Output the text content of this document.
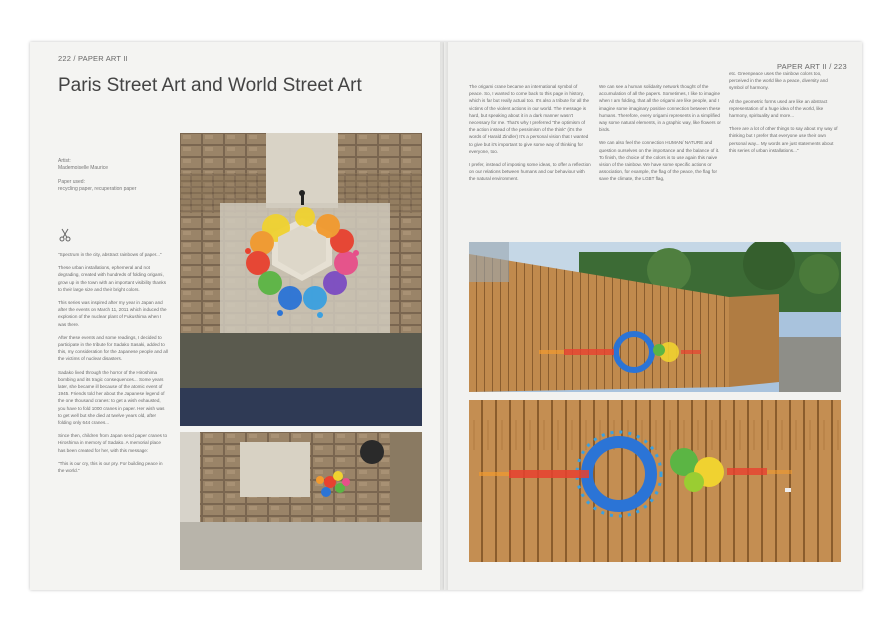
222 / PAPER ART II
Paris Street Art and World Street Art
Artist:
Mademoiselle Maurice
Paper used:
recycling paper, recuperation paper

"Spectrum in the city, abstract rainbows of paper..."

These urban installations, ephemeral and not degrading, created with hundreds of folding origami, grow up in the town with an important visibility thanks to their large size and their bright colors.

This series was inspired after my year in Japan and after the events on March 11, 2011 which induced the explosion of the nuclear plant of Fukushima when I was there.

After these events and some readings, I decided to participate in the tribute for Sadako Sasaki, added to this, my consideration for the Japanese people and all the victims of nuclear disasters.

Sadako lived through the horror of the Hiroshima bombing and its tragic consequences... Some years later, she became ill because of the atomic event of 1945. Friends told her about the Japanese legend of the one thousand cranes: to get a wish exhausted, you have to fold 1000 cranes in paper. Her wish was to get well but she died at twelve years old, after folding only 644 cranes...

Since then, children from Japan send paper cranes to Hiroshima in memory of Sadako. A memorial place has been created for her, with this message:

"This is our cry, this is our pry. For building peace in the world."

PAPER ART II / 223

The origami crane became an international symbol of peace. So, I wanted to come back to this page in history, which is far but really actual too. It's also a tribute for all the victims of the violent actions in our world. The message is hard, but speaking about it in a dark manner wasn't necessary for me. That's why I preferred "the optimism of the action instead of the pessimism of the think" (it's the words of Harald Zindler) It's a personal vision that I wanted to give but it's important to give some way of thinking for everyone, too.

I prefer, instead of imposing some ideas, to offer a reflection on our relations between humans and our behaviour with the natural environment.

We can see a human solidarity network thought of the accumulation of all the papers. Sometimes, I like to imagine when I am folding, that all the origami are like people, and I imagine some imaginary positive connection between these humans. Therefore, every origami represents in a simplified way some natural elements, in a graphic way, like flowers or birds.

We can also feel the connection HUMAN/ NATURE and question ourselves on the importance and the balance of it. To finish, the choice of the colors is to use again this naive vision of the rainbow. We have some specific actions or association, for example, the flag of the peace, the flag for save the climate, the LGBT flag,

etc. Greenpeace uses the rainbow colors too, perceived in the world like a peace, diversity and symbol of harmony.

All the geometric forms used are like an abstract representation of a huge idea of the world, like harmony, spirituality and more...

There are a lot of other things to say about my way of thinking but I prefer that everyone use their own personal way... My words are just statements about this series of urban installations..."
